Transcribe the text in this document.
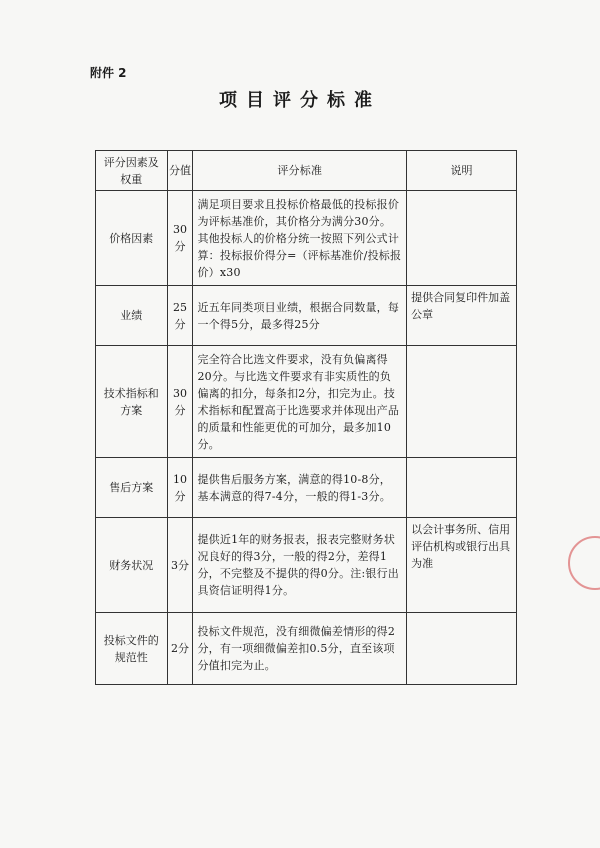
附件 2
项目评分标准
评分因素及
权重	分值	评分标准	说明
价格因素	30分	满足项目要求且投标价格最低的投标报价为评标基准价，其价格分为满分30分。其他投标人的价格分统一按照下列公式计算：投标报价得分=（评标基准价/投标报价）x30	
业绩	25分	近五年同类项目业绩，根据合同数量，每一个得5分，最多得25分	提供合同复印件加盖公章
技术指标和
方案	30分	完全符合比选文件要求，没有负偏离得20分。与比选文件要求有非实质性的负偏离的扣分，每条扣2分，扣完为止。技术指标和配置高于比选要求并体现出产品的质量和性能更优的可加分，最多加10分。	
售后方案	10分	提供售后服务方案，满意的得10-8分，基本满意的得7-4分，一般的得1-3分。	
财务状况	3分	提供近1年的财务报表，报表完整财务状况良好的得3分，一般的得2分，差得1分，不完整及不提供的得0分。注:银行出具资信证明得1分。	以会计事务所、信用评估机构或银行出具为准
投标文件的
规范性	2分	投标文件规范，没有细微偏差情形的得2分，有一项细微偏差扣0.5分，直至该项分值扣完为止。	
